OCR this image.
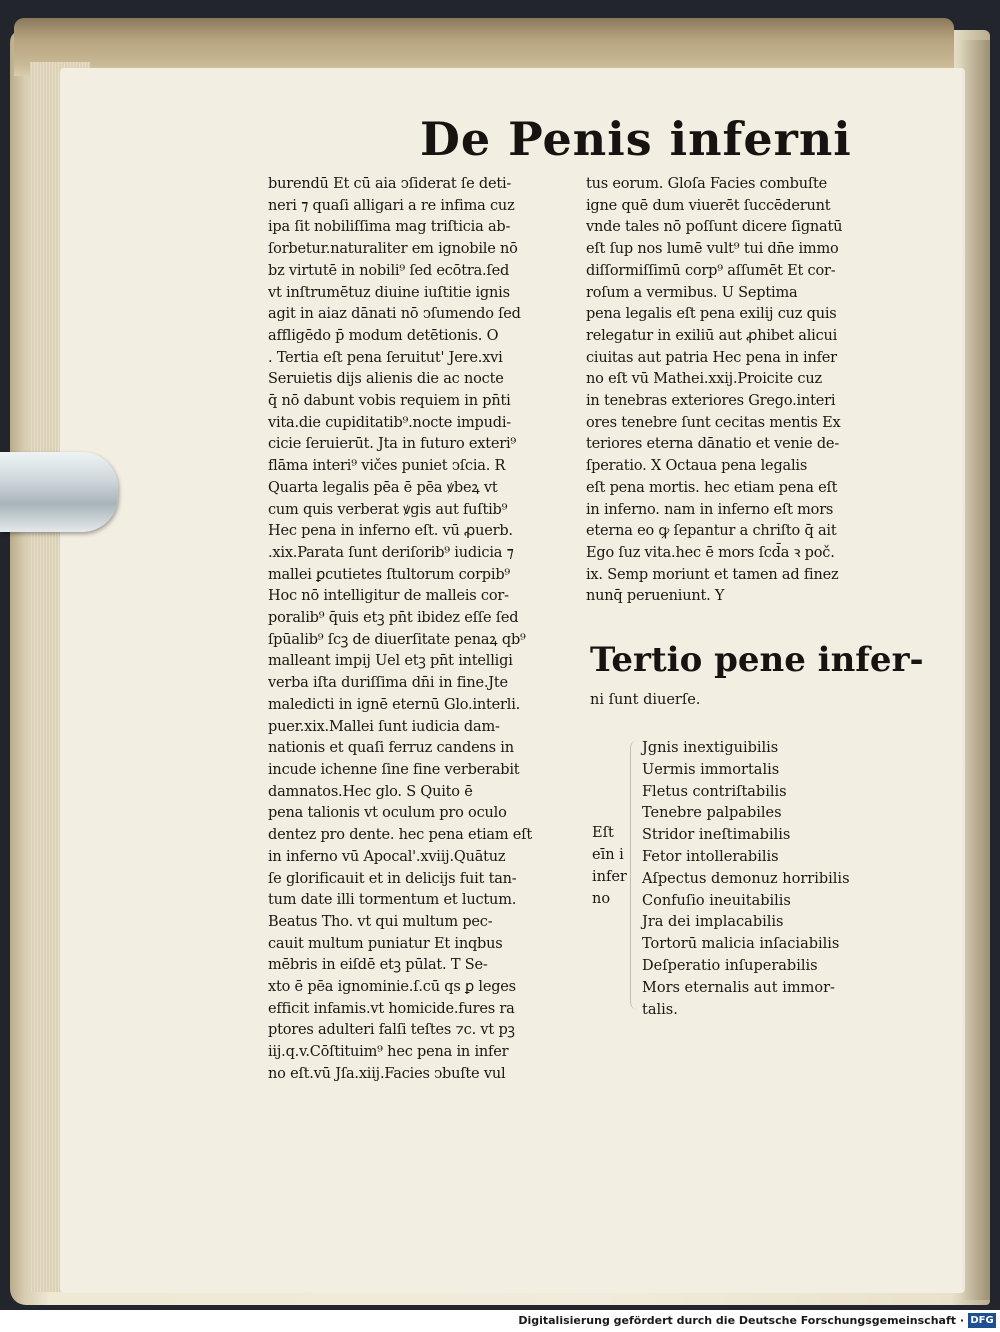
De Penis inferni
burendū Et cū aia ↄſiderat ſe deti-
neri ⁊ quaſi alligari a re infima cuz
ipa ſit nobiliſſima mag triſticia ab-
ſorbetur.naturaliter em ignobile nō
bz virtutē in nobili⁹ ſed ecōtra.ſed
vt inſtrumētuz diuine iuſtitie ignis
agit in aiaz dānati nō ↄſumendo ſed
affligēdo p̄ modum detētionis. O
. Tertia eſt pena ſeruitut' Jere.xvi
Seruietis dijs alienis die ac nocte
q̄ nō dabunt vobis requiem in pn̄ti
vita.die cupiditatib⁹.nocte impudi-
cicie ſeruierūt. Jta in futuro exteri⁹
flāma interi⁹ vičes puniet ↄſcia. R
Quarta legalis pēa ē pēa ꝟbeꝝ vt
cum quis verberat ꝟgis aut fuſtib⁹
Hec pena in inferno eſt. vū ꝓuerb.
.xix.Parata ſunt deriſorib⁹ iudicia ⁊
mallei ꝑcutietes ſtultorum corpib⁹
Hoc nō intelligitur de malleis cor-
poralib⁹ q̄uis etꝫ pn̄t ibidez eſſe ſed
ſpūalib⁹ ſcꝫ de diuerſitate penaꝝ qb⁹
malleant impij Uel etꝫ pn̄t intelligi
verba iſta duriſſima dn̄i in fine.Jte
maledicti in ignē eternū Glo.interli.
puer.xix.Mallei ſunt iudicia dam-
nationis et quaſi ferruz candens in
incude ichenne ſine fine verberabit
damnatos.Hec glo. S Quito ē
pena talionis vt oculum pro oculo
dentez pro dente. hec pena etiam eſt
in inferno vū Apocal'.xviij.Quātuz
ſe glorificauit et in delicijs fuit tan-
tum date illi tormentum et luctum.
Beatus Tho. vt qui multum pec-
cauit multum puniatur Et inqbus
mēbris in eiſdē etꝫ pūlat. T Se-
xto ē pēa ignominie.ſ.cū qs ꝑ leges
efficit infamis.vt homicide.fures ra
ptores adulteri falſi teſtes ⁊c. vt pꝫ
iij.q.v.Cōſtituim⁹ hec pena in infer
no eſt.vū Jſa.xiij.Facies ↄbuſte vul
tus eorum. Gloſa Facies combuſte
igne quē dum viuerēt ſuccēderunt
vnde tales nō poſſunt dicere ſignatū
eſt ſup nos lumē vult⁹ tui dn̄e immo
diſſormiſſimū corp⁹ aſſumēt Et cor-
roſum a vermibus. U Septima
pena legalis eſt pena exilij cuz quis
relegatur in exiliū aut ꝓhibet alicui
ciuitas aut patria Hec pena in infer
no eſt vū Mathei.xxij.Proicite cuz
in tenebras exteriores Grego.interi
ores tenebre ſunt cecitas mentis Ex
teriores eterna dānatio et venie de-
ſperatio. X Octaua pena legalis
eſt pena mortis. hec etiam pena eſt
in inferno. nam in inferno eſt mors
eterna eo ꝙ ſepantur a chriſto q̄ ait
Ego ſuz vita.hec ē mors ſcd̄a ꝛ poč.
ix. Semp moriunt et tamen ad finez
nunq̄ perueniunt. Y
Tertio pene infer-
ni ſunt diuerſe.
Eſt
eīn i
infer
no
Jgnis inextiguibilis
Uermis immortalis
Fletus contriſtabilis
Tenebre palpabiles
Stridor ineſtimabilis
Fetor intollerabilis
Aſpectus demonuz horribilis
Confuſio ineuitabilis
Jra dei implacabilis
Tortorū malicia inſaciabilis
Deſperatio inſuperabilis
Mors eternalis aut immor-
talis.
Digitalisierung gefördert durch die Deutsche Forschungsgemeinschaft · DFG
